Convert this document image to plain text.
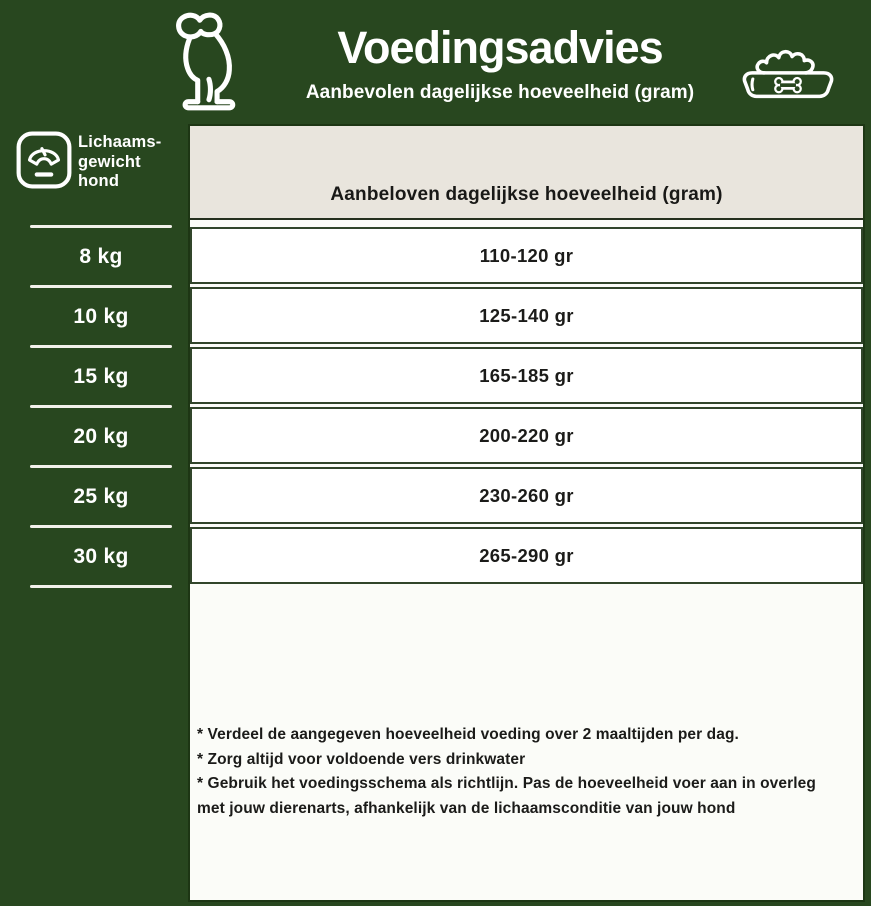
Voedingsadvies
Aanbevolen dagelijkse hoeveelheid (gram)
Lichaams-
gewicht
hond
8 kg
10 kg
15 kg
20 kg
25 kg
30 kg
Aanbeloven dagelijkse hoeveelheid (gram)
110-120 gr
125-140 gr
165-185 gr
200-220 gr
230-260 gr
265-290 gr

* Verdeel de aangegeven hoeveelheid voeding over 2 maaltijden per dag.

* Zorg altijd voor voldoende vers drinkwater

* Gebruik het voedingsschema als richtlijn. Pas de hoeveelheid voer aan in overleg met jouw dierenarts, afhankelijk van de lichaamsconditie van jouw hond
